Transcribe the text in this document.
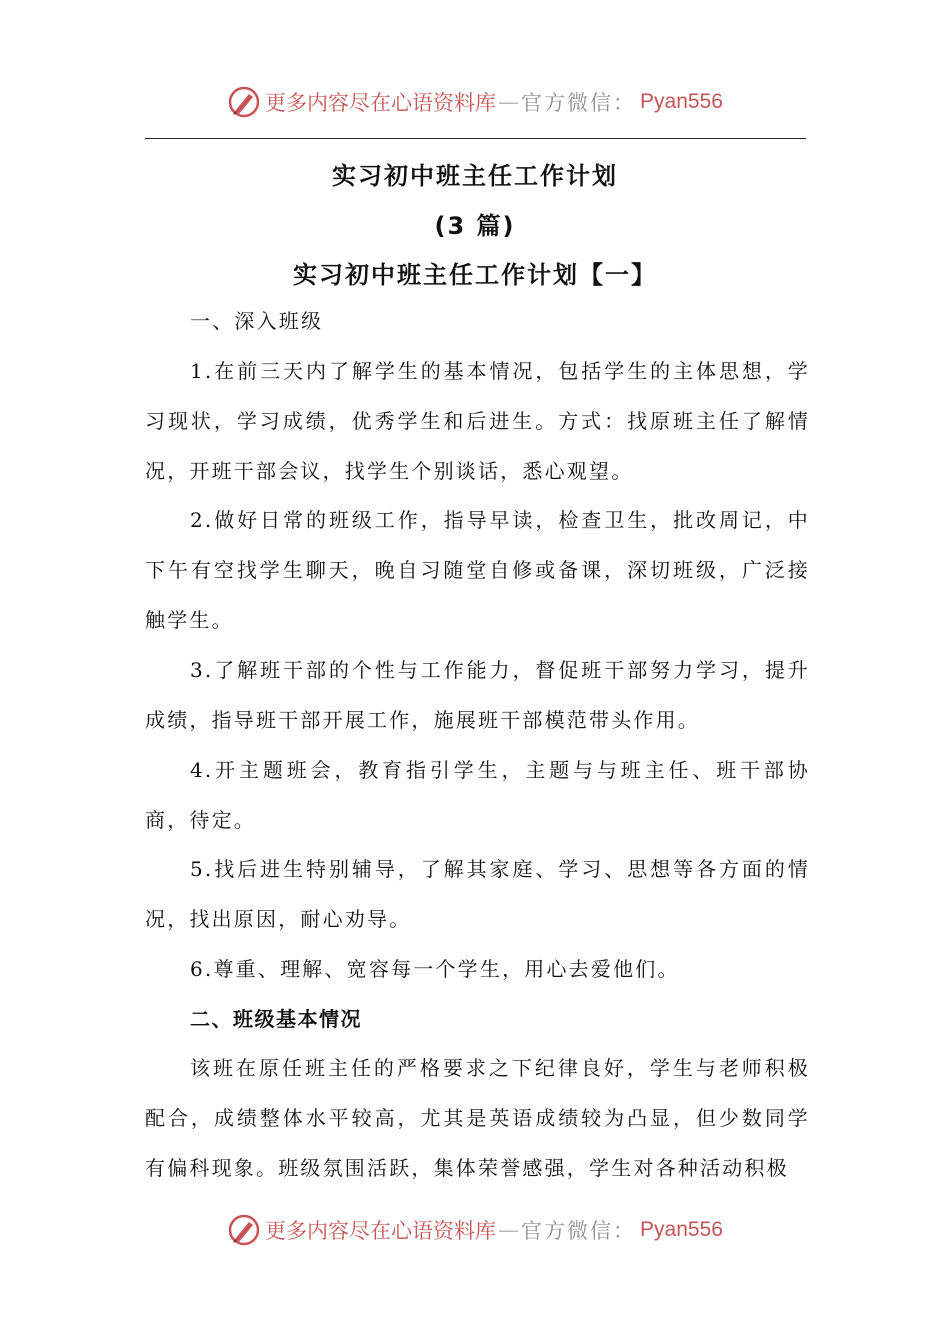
更多内容尽在心语资料库 — 官方微信： Pyan556
实习初中班主任工作计划
(3 篇)
实习初中班主任工作计划【一】

一、深入班级

1.在前三天内了解学生的基本情况，包括学生的主体思想，学习现状，学习成绩，优秀学生和后进生。方式：找原班主任了解情况，开班干部会议，找学生个别谈话，悉心观望。

2.做好日常的班级工作，指导早读，检查卫生，批改周记，中下午有空找学生聊天，晚自习随堂自修或备课，深切班级，广泛接触学生。

3.了解班干部的个性与工作能力，督促班干部努力学习，提升成绩，指导班干部开展工作，施展班干部模范带头作用。

4.开主题班会，教育指引学生，主题与与班主任、班干部协商，待定。

5.找后进生特别辅导，了解其家庭、学习、思想等各方面的情况，找出原因，耐心劝导。

6.尊重、理解、宽容每一个学生，用心去爱他们。

二、班级基本情况

该班在原任班主任的严格要求之下纪律良好，学生与老师积极配合，成绩整体水平较高，尤其是英语成绩较为凸显，但少数同学有偏科现象。班级氛围活跃，集体荣誉感强，学生对各种活动积极

更多内容尽在心语资料库 — 官方微信： Pyan556
